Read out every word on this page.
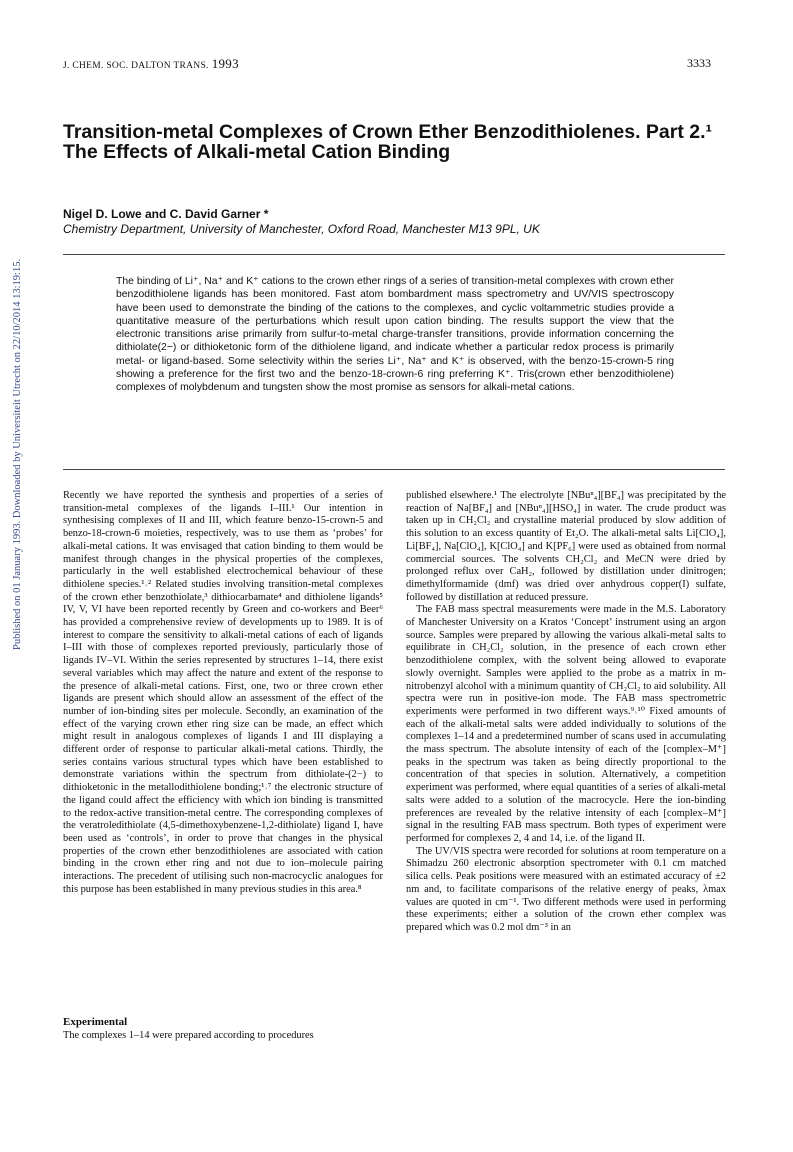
Published on 01 January 1993. Downloaded by Universiteit Utrecht on 22/10/2014 13:19:15.
J. CHEM. SOC. DALTON TRANS. 1993	3333
Transition-metal Complexes of Crown Ether Benzodithiolenes. Part 2.¹ The Effects of Alkali-metal Cation Binding

Nigel D. Lowe and C. David Garner *

Chemistry Department, University of Manchester, Oxford Road, Manchester M13 9PL, UK

The binding of Li⁺, Na⁺ and K⁺ cations to the crown ether rings of a series of transition-metal complexes with crown ether benzodithiolene ligands has been monitored. Fast atom bombardment mass spectrometry and UV/VIS spectroscopy have been used to demonstrate the binding of the cations to the complexes, and cyclic voltammetric studies provide a quantitative measure of the perturbations which result upon cation binding. The results support the view that the electronic transitions arise primarily from sulfur-to-metal charge-transfer transitions, provide information concerning the dithiolate(2−) or dithioketonic form of the dithiolene ligand, and indicate whether a particular redox process is primarily metal- or ligand-based. Some selectivity within the series Li⁺, Na⁺ and K⁺ is observed, with the benzo-15-crown-5 ring showing a preference for the first two and the benzo-18-crown-6 ring preferring K⁺. Tris(crown ether benzodithiolene) complexes of molybdenum and tungsten show the most promise as sensors for alkali-metal cations.

Recently we have reported the synthesis and properties of a series of transition-metal complexes of the ligands I–III.¹ Our intention in synthesising complexes of II and III, which feature benzo-15-crown-5 and benzo-18-crown-6 moieties, respectively, was to use them as ‘probes’ for alkali-metal cations. It was envisaged that cation binding to them would be manifest through changes in the physical properties of the complexes, particularly in the well established electrochemical behaviour of these dithiolene species.¹˒² Related studies involving transition-metal complexes of the crown ether benzothiolate,³ dithiocarbamate⁴ and dithiolene ligands⁵ IV, V, VI have been reported recently by Green and co-workers and Beer⁶ has provided a comprehensive review of developments up to 1989. It is of interest to compare the sensitivity to alkali-metal cations of each of ligands I–III with those of complexes reported previously, particularly those of ligands IV–VI. Within the series represented by structures 1–14, there exist several variables which may affect the nature and extent of the response to the presence of alkali-metal cations. First, one, two or three crown ether ligands are present which should allow an assessment of the effect of the number of ion-binding sites per molecule. Secondly, an examination of the effect of the varying crown ether ring size can be made, an effect which might result in analogous complexes of ligands I and III displaying a different order of response to particular alkali-metal cations. Thirdly, the series contains various structural types which have been established to demonstrate variations within the spectrum from dithiolate-(2−) to dithioketonic in the metallodithiolene bonding;¹˒⁷ the electronic structure of the ligand could affect the efficiency with which ion binding is transmitted to the redox-active transition-metal centre. The corresponding complexes of the veratroledithiolate (4,5-dimethoxybenzene-1,2-dithiolate) ligand I, have been used as ‘controls’, in order to prove that changes in the physical properties of the crown ether benzodithiolenes are associated with cation binding in the crown ether ring and not due to ion–molecule pairing interactions. The precedent of utilising such non-macrocyclic analogues for this purpose has been established in many previous studies in this area.⁸

Experimental

The complexes 1–14 were prepared according to procedures

published elsewhere.¹ The electrolyte [NBuⁿ₄][BF₄] was precipitated by the reaction of Na[BF₄] and [NBuⁿ₄][HSO₄] in water. The crude product was taken up in CH₂Cl₂ and crystalline material produced by slow addition of this solution to an excess quantity of Et₂O. The alkali-metal salts Li[ClO₄], Li[BF₄], Na[ClO₄], K[ClO₄] and K[PF₆] were used as obtained from normal commercial sources. The solvents CH₂Cl₂ and MeCN were dried by prolonged reflux over CaH₂, followed by distillation under dinitrogen; dimethylformamide (dmf) was dried over anhydrous copper(I) sulfate, followed by distillation at reduced pressure.

The FAB mass spectral measurements were made in the M.S. Laboratory of Manchester University on a Kratos ‘Concept’ instrument using an argon source. Samples were prepared by allowing the various alkali-metal salts to equilibrate in CH₂Cl₂ solution, in the presence of each crown ether benzodithiolene complex, with the solvent being allowed to evaporate slowly overnight. Samples were applied to the probe as a matrix in m-nitrobenzyl alcohol with a minimum quantity of CH₂Cl₂ to aid solubility. All spectra were run in positive-ion mode. The FAB mass spectrometric experiments were performed in two different ways.⁹˒¹⁰ Fixed amounts of each of the alkali-metal salts were added individually to solutions of the complexes 1–14 and a predetermined number of scans used in accumulating the mass spectrum. The absolute intensity of each of the [complex–M⁺] peaks in the spectrum was taken as being directly proportional to the concentration of that species in solution. Alternatively, a competition experiment was performed, where equal quantities of a series of alkali-metal salts were added to a solution of the macrocycle. Here the ion-binding preferences are revealed by the relative intensity of each [complex–M⁺] signal in the resulting FAB mass spectrum. Both types of experiment were performed for complexes 2, 4 and 14, i.e. of the ligand II.

The UV/VIS spectra were recorded for solutions at room temperature on a Shimadzu 260 electronic absorption spectrometer with 0.1 cm matched silica cells. Peak positions were measured with an estimated accuracy of ±2 nm and, to facilitate comparisons of the relative energy of peaks, λmax values are quoted in cm⁻¹. Two different methods were used in performing these experiments; either a solution of the crown ether complex was prepared which was 0.2 mol dm⁻³ in an
